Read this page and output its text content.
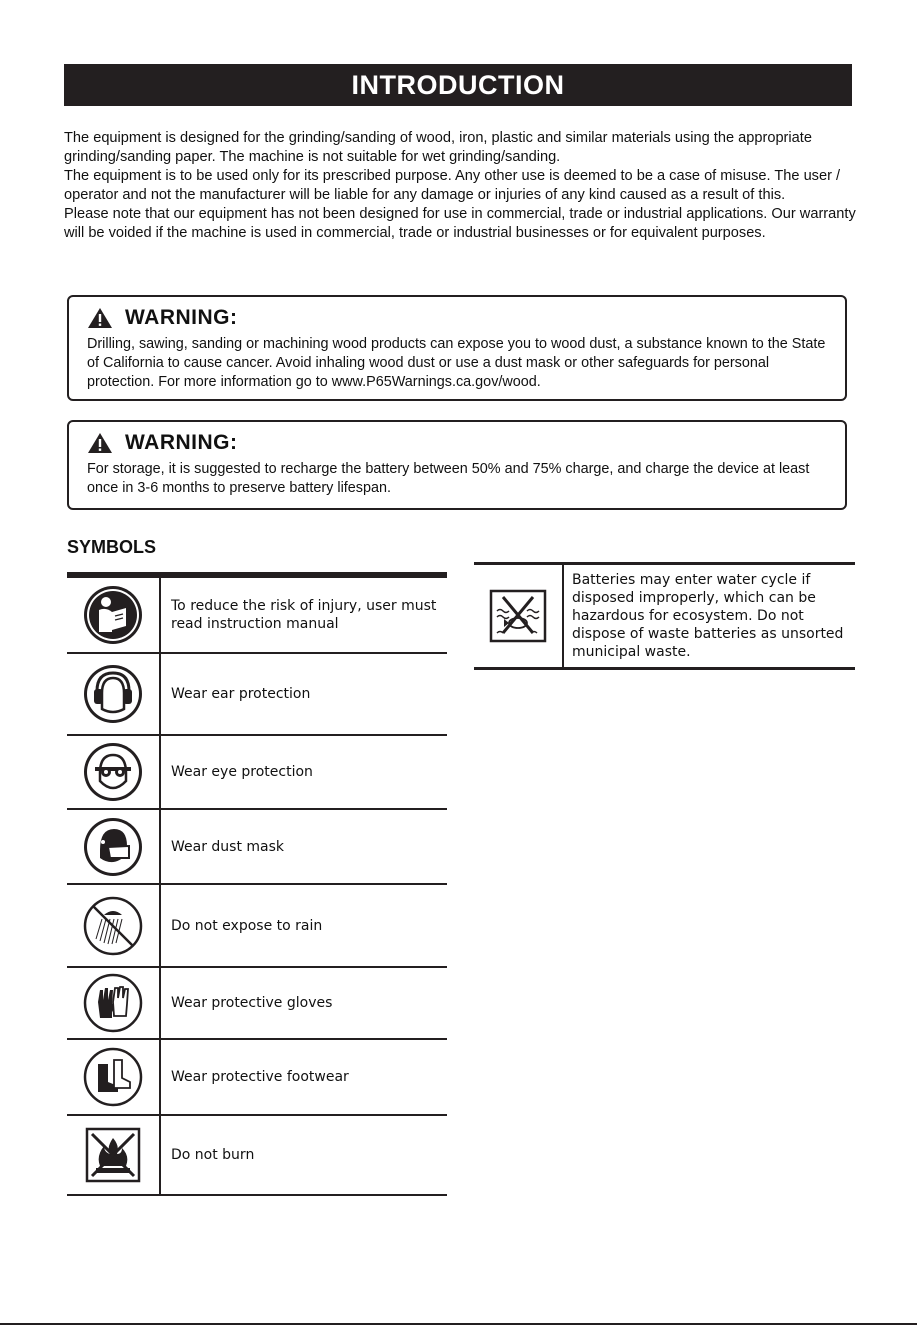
INTRODUCTION

The equipment is designed for the grinding/sanding of wood, iron, plastic and similar materials using the appropriate grinding/sanding paper. The machine is not suitable for wet grinding/sanding.

The equipment is to be used only for its prescribed purpose. Any other use is deemed to be a case of misuse. The user / operator and not the manufacturer will be liable for any damage or injuries of any kind caused as a result of this.

Please note that our equipment has not been designed for use in commercial, trade or industrial applications. Our warranty will be voided if the machine is used in commercial, trade or industrial businesses or for equivalent purposes.

WARNING:
Drilling, sawing, sanding or machining wood products can expose you to wood dust, a substance known to the State of California to cause cancer. Avoid inhaling wood dust or use a dust mask or other safeguards for personal protection. For more information go to www.P65Warnings.ca.gov/wood.
WARNING:
For storage, it is suggested to recharge the battery between 50% and 75% charge, and charge the device at least once in 3-6 months to preserve battery lifespan.
SYMBOLS
To reduce the risk of injury, user must read instruction manual
Wear ear protection
Wear eye protection
Wear dust mask
Do not expose to rain
Wear protective gloves
Wear protective footwear
Do not burn
Batteries may enter water cycle if disposed improperly, which can be hazardous for ecosystem. Do not dispose of waste batteries as unsorted municipal waste.
